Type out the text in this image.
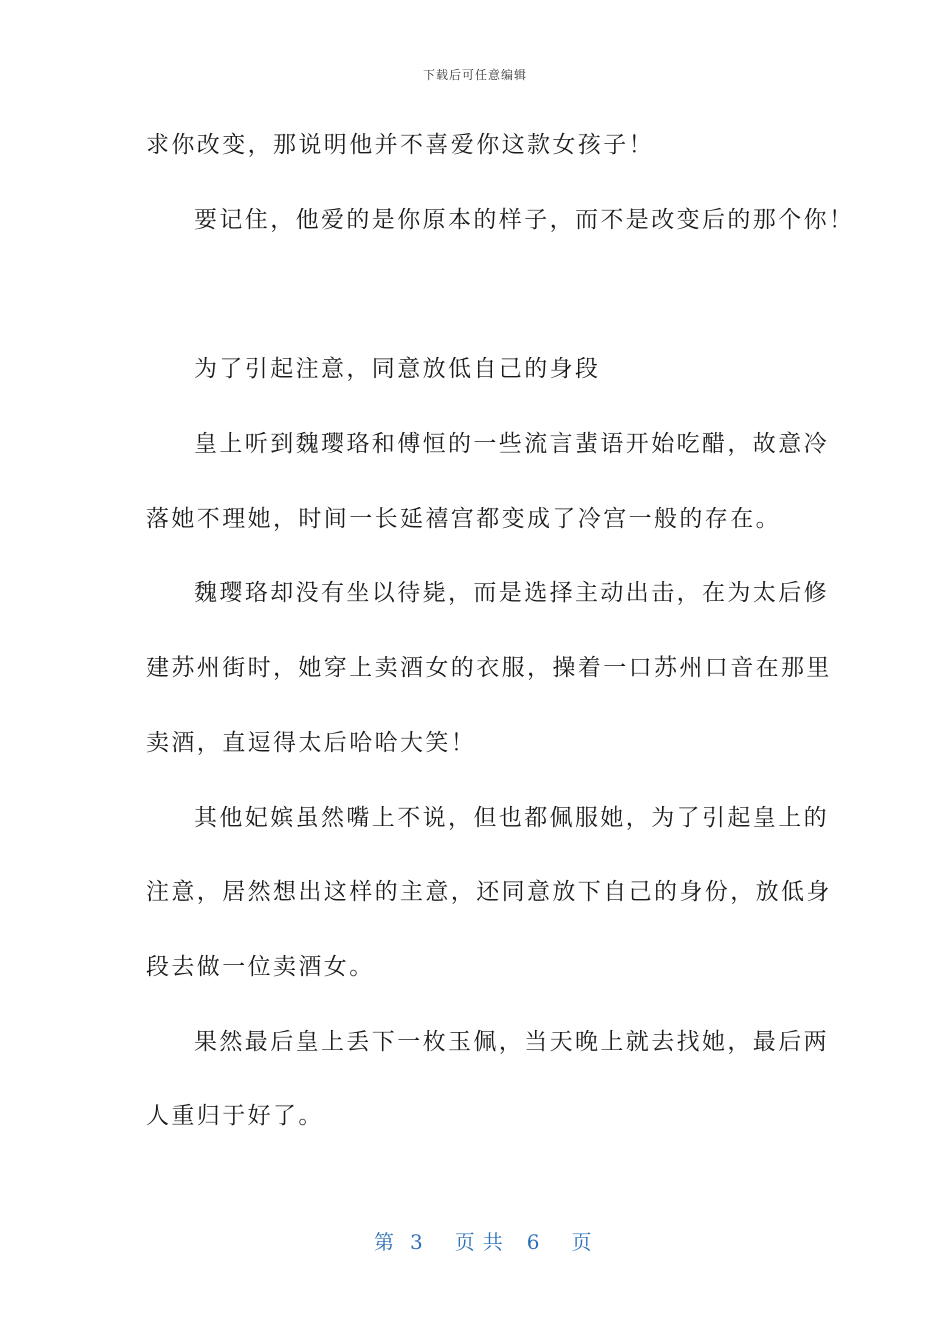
下载后可任意编辑
求你改变，那说明他并不喜爱你这款女孩子！
要记住，他爱的是你原本的样子，而不是改变后的那个你！
为了引起注意，同意放低自己的身段
皇上听到魏璎珞和傅恒的一些流言蜚语开始吃醋，故意冷
落她不理她，时间一长延禧宫都变成了冷宫一般的存在。
魏璎珞却没有坐以待毙，而是选择主动出击，在为太后修
建苏州街时，她穿上卖酒女的衣服，操着一口苏州口音在那里
卖酒，直逗得太后哈哈大笑！
其他妃嫔虽然嘴上不说，但也都佩服她，为了引起皇上的
注意，居然想出这样的主意，还同意放下自己的身份，放低身
段去做一位卖酒女。
果然最后皇上丢下一枚玉佩，当天晚上就去找她，最后两
人重归于好了。
第 3 页共 6 页
